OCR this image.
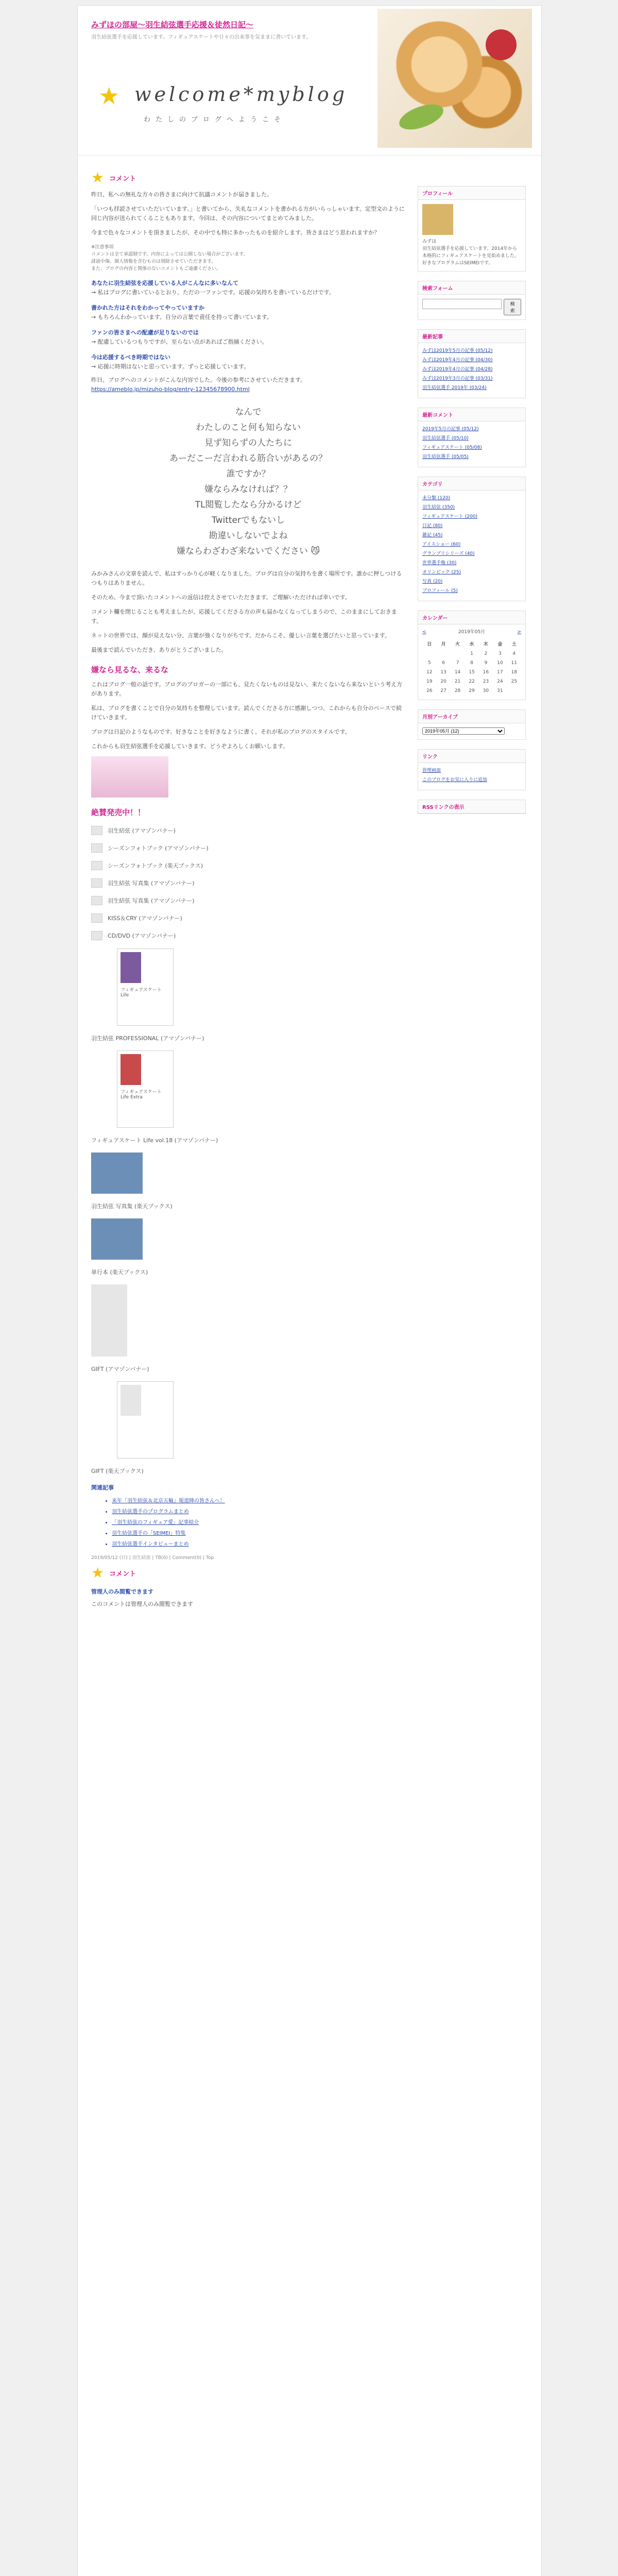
みずほの部屋〜羽生結弦選手応援＆徒然日記〜
羽生結弦選手を応援しています。フィギュアスケートや日々の出来事を気ままに書いています。
★ welcome*myblog
わたしのブログへようこそ
★ コメント

昨日、私への無礼な方々の皆さまに向けて抗議コメントが届きました。

「いつも拝読させていただいています。」と書いてから、失礼なコメントを書かれる方がいらっしゃいます。定型文のように同じ内容が送られてくることもあります。今回は、その内容についてまとめてみました。

今まで色々なコメントを頂きましたが、その中でも特に多かったものを紹介します。皆さまはどう思われますか？

※注意事項
コメントは全て承認制です。内容によっては公開しない場合がございます。
誹謗中傷、個人情報を含むものは削除させていただきます。
また、ブログの内容と関係のないコメントもご遠慮ください。
あなたに羽生結弦を応援している人がこんなに多いなんて
→ 私はブログに書いているとおり、ただの一ファンです。応援の気持ちを書いているだけです。
書かれた方はそれをわかってやっていますか
→ もちろんわかっています。自分の言葉で責任を持って書いています。
ファンの皆さまへの配慮が足りないのでは
→ 配慮しているつもりですが、至らない点があればご指摘ください。
今は応援するべき時期ではない
→ 応援に時期はないと思っています。ずっと応援しています。

昨日、ブログへのコメントがこんな内容でした。今後の参考にさせていただきます。
https://ameblo.jp/mizuho-blog/entry-12345678900.html

なんで
わたしのこと何も知らない
見ず知らずの人たちに
あーだこーだ言われる筋合いがあるの？
誰ですか？
嫌ならみなければ？？
TL閲覧したなら分かるけど
Twitterでもないし
勘違いしないでよね
嫌ならわざわざ来ないでください 😼

みかみさんの文章を読んで、私はすっかり心が軽くなりました。ブログは自分の気持ちを書く場所です。誰かに押しつけるつもりはありません。

そのため、今まで頂いたコメントへの返信は控えさせていただきます。ご理解いただければ幸いです。

コメント欄を閉じることも考えましたが、応援してくださる方の声も届かなくなってしまうので、このままにしておきます。

ネットの世界では、顔が見えない分、言葉が強くなりがちです。だからこそ、優しい言葉を選びたいと思っています。

最後まで読んでいただき、ありがとうございました。

嫌なら見るな、来るな

これはブログ一般の話です。ブログのブロガーの一部にも、見たくないものは見ない、来たくないなら来ないという考え方があります。

私は、ブログを書くことで自分の気持ちを整理しています。読んでくださる方に感謝しつつ、これからも自分のペースで続けていきます。

ブログは日記のようなものです。好きなことを好きなように書く。それが私のブログのスタイルです。

これからも羽生結弦選手を応援していきます。どうぞよろしくお願いします。

絶賛発売中！！
羽生結弦 (アマゾンバナー)
シーズンフォトブック (アマゾンバナー)
シーズンフォトブック (楽天ブックス)
羽生結弦 写真集 (アマゾンバナー)
羽生結弦 写真集 (アマゾンバナー)
KISS＆CRY (アマゾンバナー)
CD/DVD (アマゾンバナー)
フィギュアスケート Life
羽生結弦 PROFESSIONAL (アマゾンバナー)
フィギュアスケート Life Extra
フィギュアスケート Life vol.18 (アマゾンバナー)
羽生結弦 写真集 (楽天ブックス)
単行本 (楽天ブックス)
GIFT (アマゾンバナー)
GIFT (楽天ブックス)
関連記事
• 来年「羽生結弦＆北京五輪」報道陣の皆さんへ！
• 羽生結弦選手のプログラムまとめ
• 「羽生結弦のフィギュア愛」記事紹介
• 羽生結弦選手の「SEIMEI」特集
• 羽生結弦選手インタビューまとめ
2019/05/12 (日) | 羽生結弦 | TB(0) | Comment(0) | Top
★ コメント
管理人のみ閲覧できます
このコメントは管理人のみ閲覧できます
プロフィール
みずほ
羽生結弦選手を応援しています。2014年から本格的にフィギュアスケートを見始めました。好きなプログラムはSEIMEIです。
検索フォーム
検索
最新記事
みずほ2019年5月の記事 (05/12)
みずほ2019年4月の記事 (04/30)
みずほ2019年4月の記事 (04/28)
みずほ2019年3月の記事 (03/31)
羽生結弦選手 2019年 (03/24)
最新コメント
2019年5月の記事 (05/12)
羽生結弦選手 (05/10)
フィギュアスケート (05/08)
羽生結弦選手 (05/05)
カテゴリ
未分類 (120)
羽生結弦 (350)
フィギュアスケート (200)
日記 (80)
雑記 (45)
アイスショー (60)
グランプリシリーズ (40)
世界選手権 (30)
オリンピック (25)
写真 (20)
プロフィール (5)
カレンダー
<	2019年05月	>
日	月	火	水	木	金	土
			1	2	3	4
5	6	7	8	9	10	11
12	13	14	15	16	17	18
19	20	21	22	23	24	25
26	27	28	29	30	31	
月別アーカイブ
2019年05月 (12)
リンク
管理画面
このブログをお気に入りに追加
RSSリンクの表示
